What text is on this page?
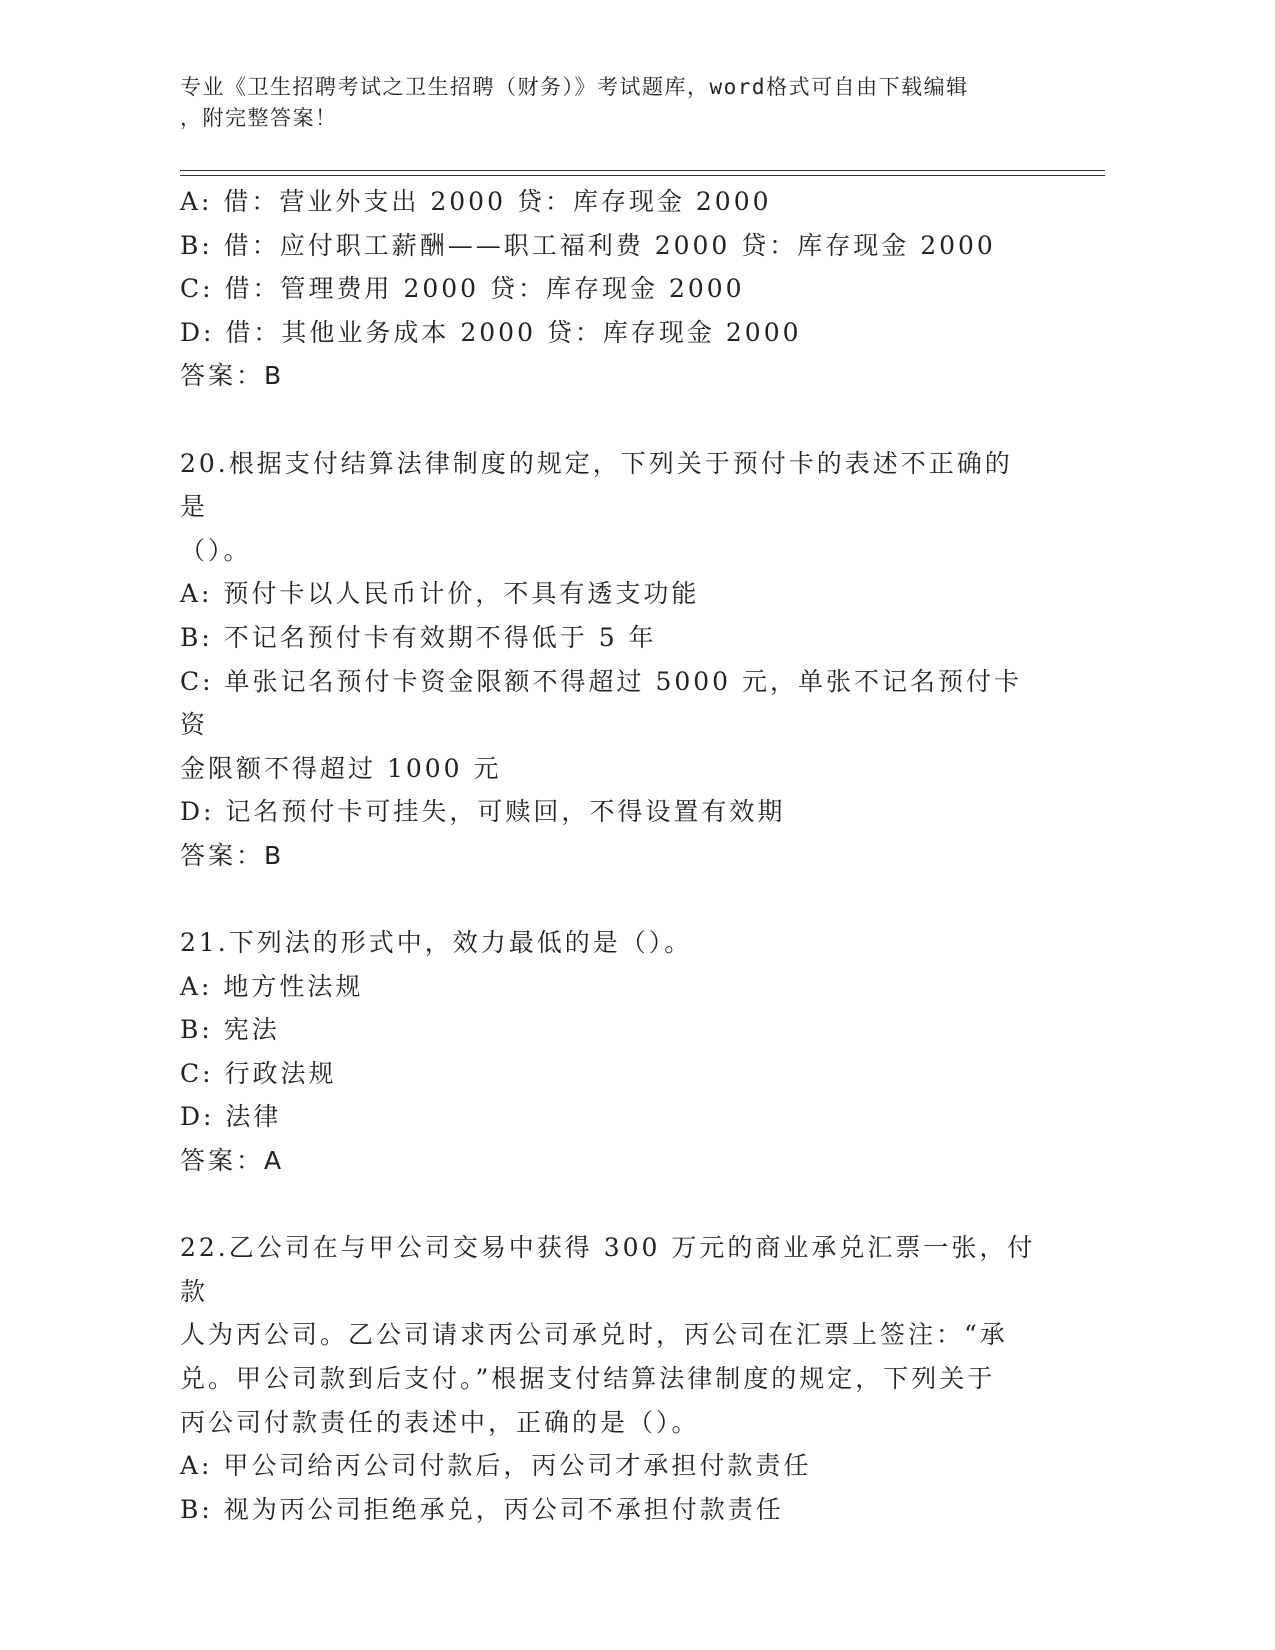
专业《卫生招聘考试之卫生招聘（财务）》考试题库，word格式可自由下载编辑
，附完整答案！
A: 借：营业外支出 2000 贷：库存现金 2000
B: 借：应付职工薪酬——职工福利费 2000 贷：库存现金 2000
C: 借：管理费用 2000 贷：库存现金 2000
D: 借：其他业务成本 2000 贷：库存现金 2000
答案：B
20.根据支付结算法律制度的规定，下列关于预付卡的表述不正确的是
（）。
A: 预付卡以人民币计价，不具有透支功能
B: 不记名预付卡有效期不得低于 5 年
C: 单张记名预付卡资金限额不得超过 5000 元，单张不记名预付卡资
金限额不得超过 1000 元
D: 记名预付卡可挂失，可赎回，不得设置有效期
答案：B
21.下列法的形式中，效力最低的是（）。
A: 地方性法规
B: 宪法
C: 行政法规
D: 法律
答案：A
22.乙公司在与甲公司交易中获得 300 万元的商业承兑汇票一张，付款
人为丙公司。乙公司请求丙公司承兑时，丙公司在汇票上签注：“承
兑。甲公司款到后支付。”根据支付结算法律制度的规定，下列关于
丙公司付款责任的表述中，正确的是（）。
A: 甲公司给丙公司付款后，丙公司才承担付款责任
B: 视为丙公司拒绝承兑，丙公司不承担付款责任
